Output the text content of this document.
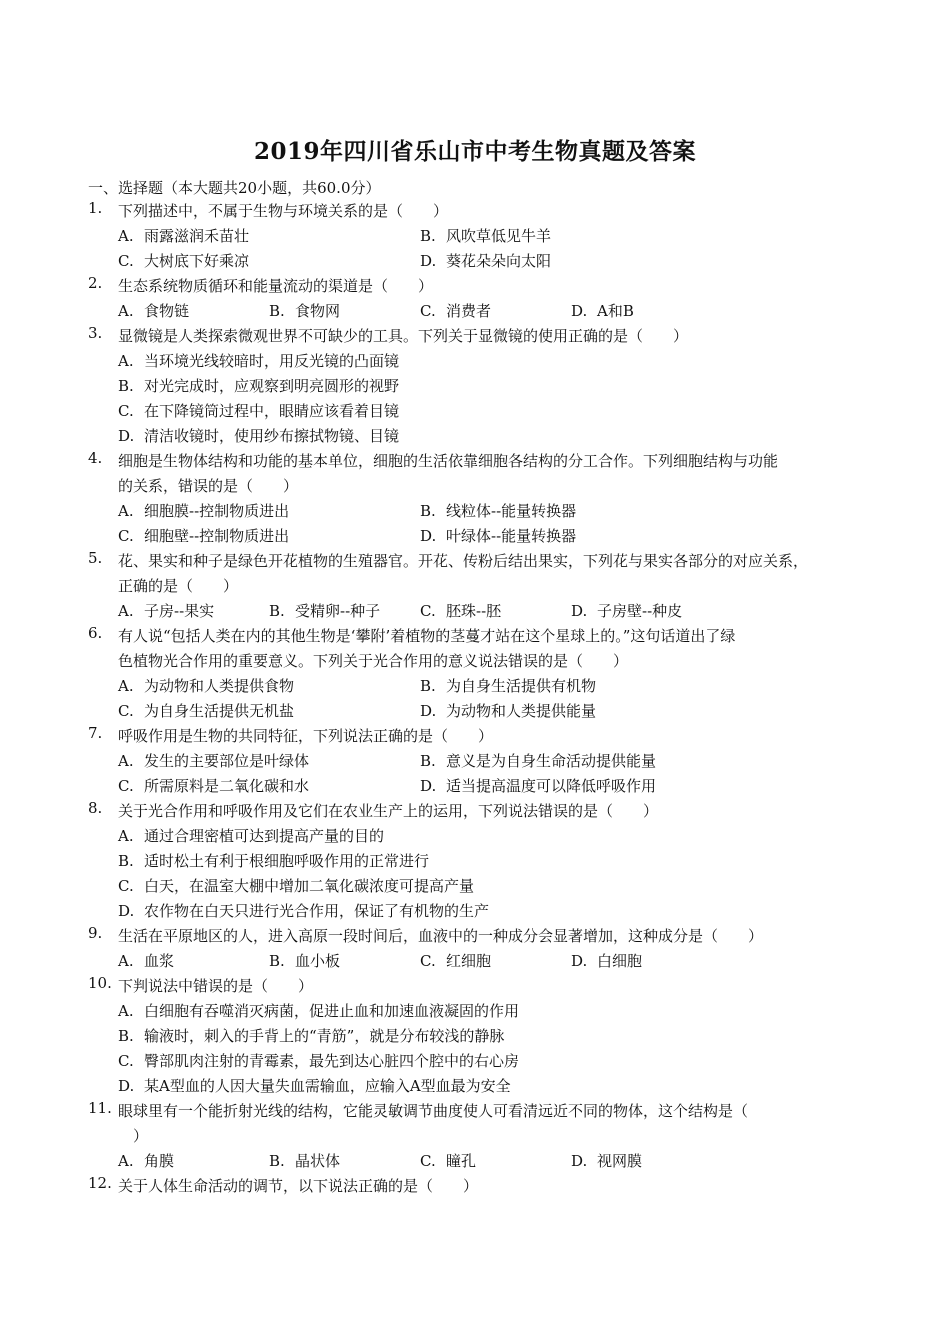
2019年四川省乐山市中考生物真题及答案
一、选择题（本大题共20小题，共60.0分）
1.	下列描述中，不属于生物与环境关系的是（　　）
A. 雨露滋润禾苗壮	B. 风吹草低见牛羊
C. 大树底下好乘凉	D. 葵花朵朵向太阳
2.	生态系统物质循环和能量流动的渠道是（　　）
A. 食物链	B. 食物网	C. 消费者	D. A和B
3.	显微镜是人类探索微观世界不可缺少的工具。下列关于显微镜的使用正确的是（　　）
A. 当环境光线较暗时，用反光镜的凸面镜
B. 对光完成时，应观察到明亮圆形的视野
C. 在下降镜筒过程中，眼睛应该看着目镜
D. 清洁收镜时，使用纱布擦拭物镜、目镜
4.	细胞是生物体结构和功能的基本单位，细胞的生活依靠细胞各结构的分工合作。下列细胞结构与功能
的关系，错误的是（　　）
A. 细胞膜--控制物质进出	B. 线粒体--能量转换器
C. 细胞壁--控制物质进出	D. 叶绿体--能量转换器
5.	花、果实和种子是绿色开花植物的生殖器官。开花、传粉后结出果实，下列花与果实各部分的对应关系，
正确的是（　　）
A. 子房--果实	B. 受精卵--种子	C. 胚珠--胚	D. 子房壁--种皮
6.	有人说“包括人类在内的其他生物是‘攀附’着植物的茎蔓才站在这个星球上的。”这句话道出了绿
色植物光合作用的重要意义。下列关于光合作用的意义说法错误的是（　　）
A. 为动物和人类提供食物	B. 为自身生活提供有机物
C. 为自身生活提供无机盐	D. 为动物和人类提供能量
7.	呼吸作用是生物的共同特征，下列说法正确的是（　　）
A. 发生的主要部位是叶绿体	B. 意义是为自身生命活动提供能量
C. 所需原料是二氧化碳和水	D. 适当提高温度可以降低呼吸作用
8.	关于光合作用和呼吸作用及它们在农业生产上的运用，下列说法错误的是（　　）
A. 通过合理密植可达到提高产量的目的
B. 适时松土有利于根细胞呼吸作用的正常进行
C. 白天，在温室大棚中增加二氧化碳浓度可提高产量
D. 农作物在白天只进行光合作用，保证了有机物的生产
9.	生活在平原地区的人，进入高原一段时间后，血液中的一种成分会显著增加，这种成分是（　　）
A. 血浆	B. 血小板	C. 红细胞	D. 白细胞
10. 下判说法中错误的是（　　）
A. 白细胞有吞噬消灭病菌，促进止血和加速血液凝固的作用
B. 输液时，刺入的手背上的“青筋”，就是分布较浅的静脉
C. 臀部肌肉注射的青霉素，最先到达心脏四个腔中的右心房
D. 某A型血的人因大量失血需输血，应输入A型血最为安全
11. 眼球里有一个能折射光线的结构，它能灵敏调节曲度使人可看清远近不同的物体，这个结构是（
　）
A. 角膜	B. 晶状体	C. 瞳孔	D. 视网膜
12. 关于人体生命活动的调节，以下说法正确的是（　　）
